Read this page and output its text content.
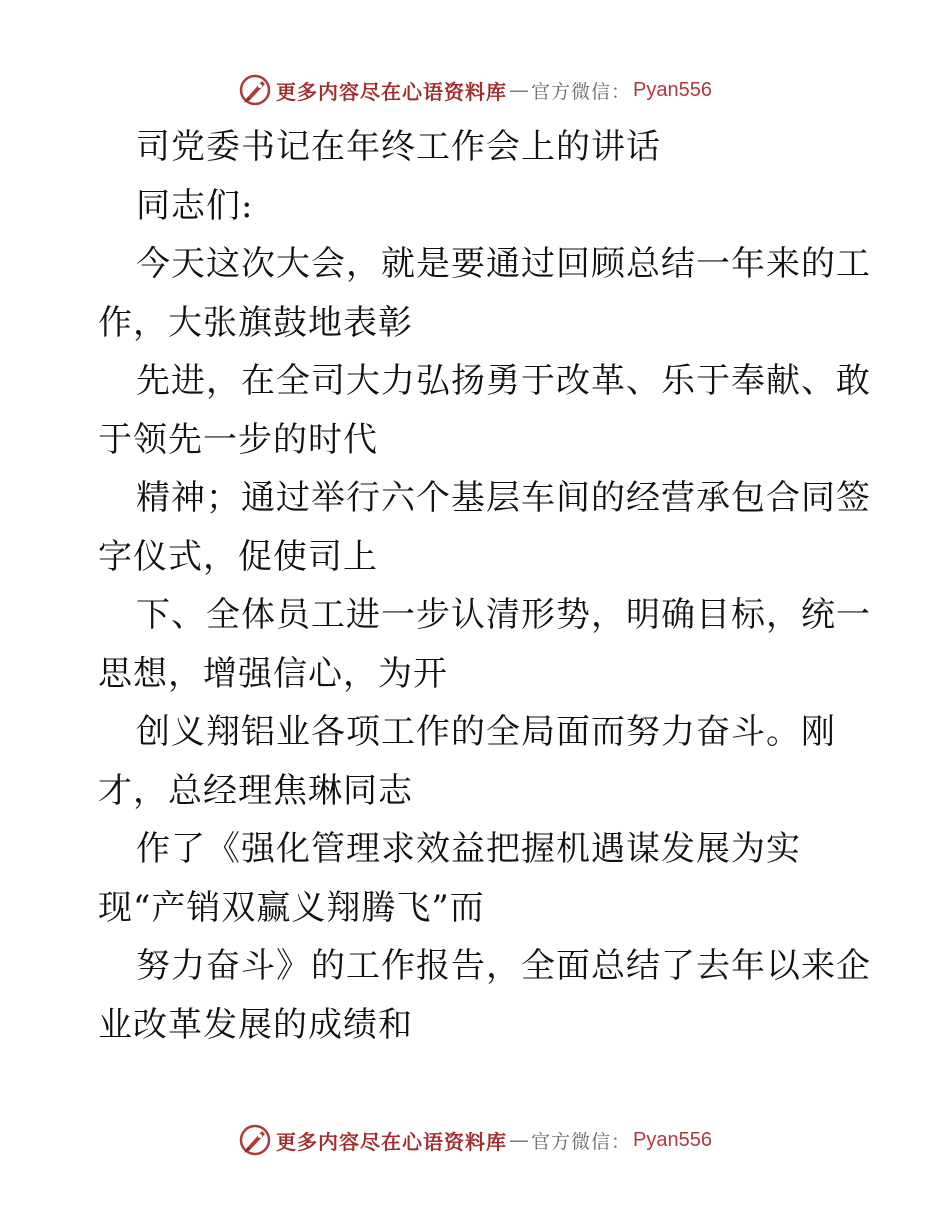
更多内容尽在心语资料库 — 官方微信： Pyan556
司党委书记在年终工作会上的讲话
同志们:
今天这次大会，就是要通过回顾总结一年来的工
作，大张旗鼓地表彰
先进，在全司大力弘扬勇于改革、乐于奉献、敢
于领先一步的时代
精神；通过举行六个基层车间的经营承包合同签
字仪式，促使司上
下、全体员工进一步认清形势，明确目标，统一
思想，增强信心，为开
创义翔铝业各项工作的全局面而努力奋斗。刚
才，总经理焦琳同志
作了《强化管理求效益把握机遇谋发展为实
现“产销双赢义翔腾飞”而
努力奋斗》的工作报告，全面总结了去年以来企
业改革发展的成绩和
更多内容尽在心语资料库 — 官方微信： Pyan556
